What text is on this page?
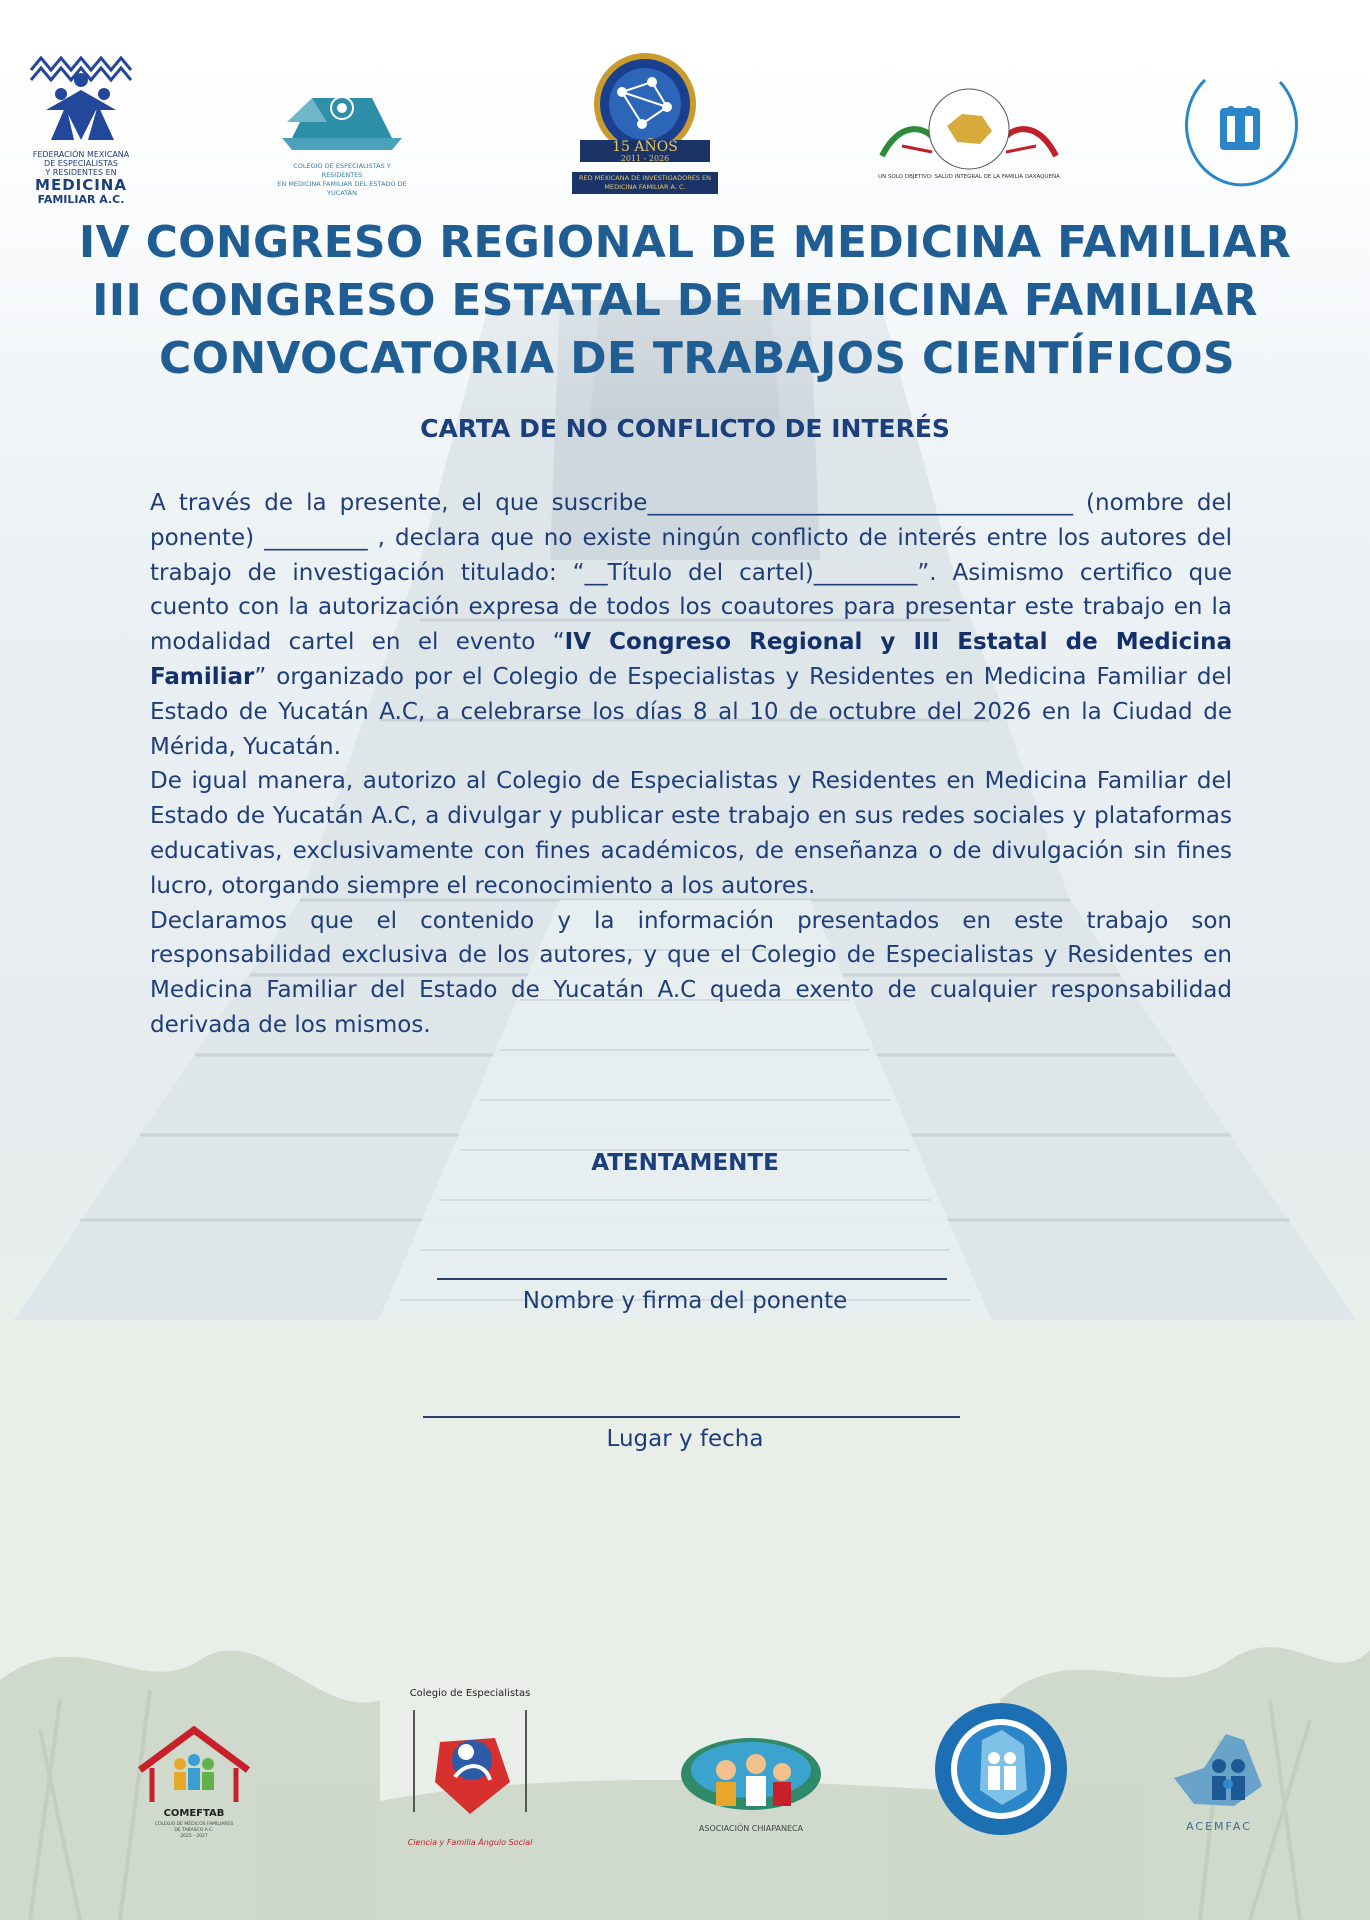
FEDERACIÓN MEXICANA
DE ESPECIALISTAS
Y RESIDENTES EN
MEDICINA
FAMILIAR A.C.
COLEGIO DE ESPECIALISTAS Y RESIDENTES
EN MEDICINA FAMILIAR DEL ESTADO DE YUCATÁN
15 AÑOS
2011 - 2026
RED MEXICANA DE INVESTIGADORES EN
MEDICINA FAMILIAR A. C.
UN SOLO OBJETIVO: SALUD INTEGRAL DE LA FAMILIA OAXAQUEÑA
IV CONGRESO REGIONAL DE MEDICINA FAMILIAR
III CONGRESO ESTATAL DE MEDICINA FAMILIAR
CONVOCATORIA DE TRABAJOS CIENTÍFICOS
CARTA DE NO CONFLICTO DE INTERÉS

A través de la presente, el que suscribe_____________________________________ (nombre del ponente) _________ , declara que no existe ningún conflicto de interés entre los autores del trabajo de investigación titulado: “__Título del cartel)_________”. Asimismo certifico que cuento con la autorización expresa de todos los coautores para presentar este trabajo en la modalidad cartel en el evento “IV Congreso Regional y III Estatal de Medicina Familiar” organizado por el Colegio de Especialistas y Residentes en Medicina Familiar del Estado de Yucatán A.C, a celebrarse los días 8 al 10 de octubre del 2026 en la Ciudad de Mérida, Yucatán.

De igual manera, autorizo al Colegio de Especialistas y Residentes en Medicina Familiar del Estado de Yucatán A.C, a divulgar y publicar este trabajo en sus redes sociales y plataformas educativas, exclusivamente con fines académicos, de enseñanza o de divulgación sin fines lucro, otorgando siempre el reconocimiento a los autores.

Declaramos que el contenido y la información presentados en este trabajo son responsabilidad exclusiva de los autores, y que el Colegio de Especialistas y Residentes en Medicina Familiar del Estado de Yucatán A.C queda exento de cualquier responsabilidad derivada de los mismos.

ATENTAMENTE
Nombre y firma del ponente
Lugar y fecha
COMEFTAB
COLEGIO DE MÉDICOS FAMILIARES
DE TABASCO A.C.
2025 - 2027
Colegio de Especialistas
Ciencia y Familia Ángulo Social
ASOCIACIÓN CHIAPANECA	ACEMFAC
